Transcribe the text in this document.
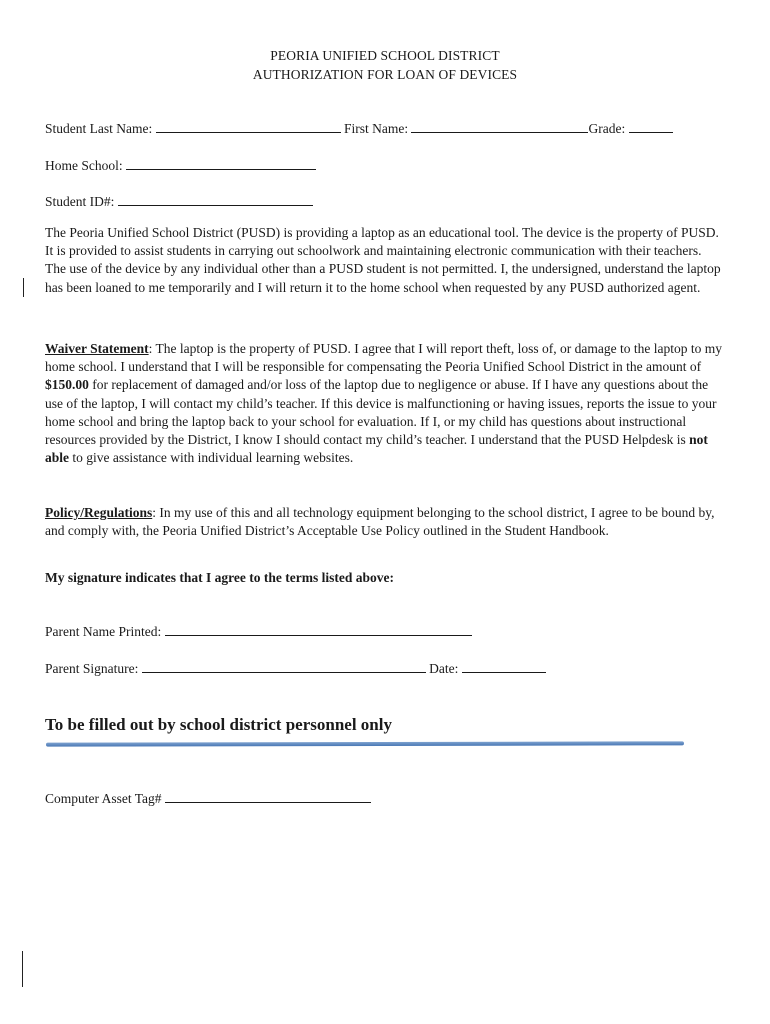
PEORIA UNIFIED SCHOOL DISTRICT
AUTHORIZATION FOR LOAN OF DEVICES
Student Last Name:	First Name:	Grade:
Home School:
Student ID#:
The Peoria Unified School District (PUSD) is providing a laptop as an educational tool. The device is the property of PUSD. It is provided to assist students in carrying out schoolwork and maintaining electronic communication with their teachers. The use of the device by any individual other than a PUSD student is not permitted. I, the undersigned, understand the laptop has been loaned to me temporarily and I will return it to the home school when requested by any PUSD authorized agent.
Waiver Statement: The laptop is the property of PUSD. I agree that I will report theft, loss of, or damage to the laptop to my home school. I understand that I will be responsible for compensating the Peoria Unified School District in the amount of $150.00 for replacement of damaged and/or loss of the laptop due to negligence or abuse. If I have any questions about the use of the laptop, I will contact my child’s teacher. If this device is malfunctioning or having issues, reports the issue to your home school and bring the laptop back to your school for evaluation. If I, or my child has questions about instructional resources provided by the District, I know I should contact my child’s teacher. I understand that the PUSD Helpdesk is not able to give assistance with individual learning websites.
Policy/Regulations: In my use of this and all technology equipment belonging to the school district, I agree to be bound by, and comply with, the Peoria Unified District’s Acceptable Use Policy outlined in the Student Handbook.
My signature indicates that I agree to the terms listed above:
Parent Name Printed:
Parent Signature:	Date:
To be filled out by school district personnel only
Computer Asset Tag#
